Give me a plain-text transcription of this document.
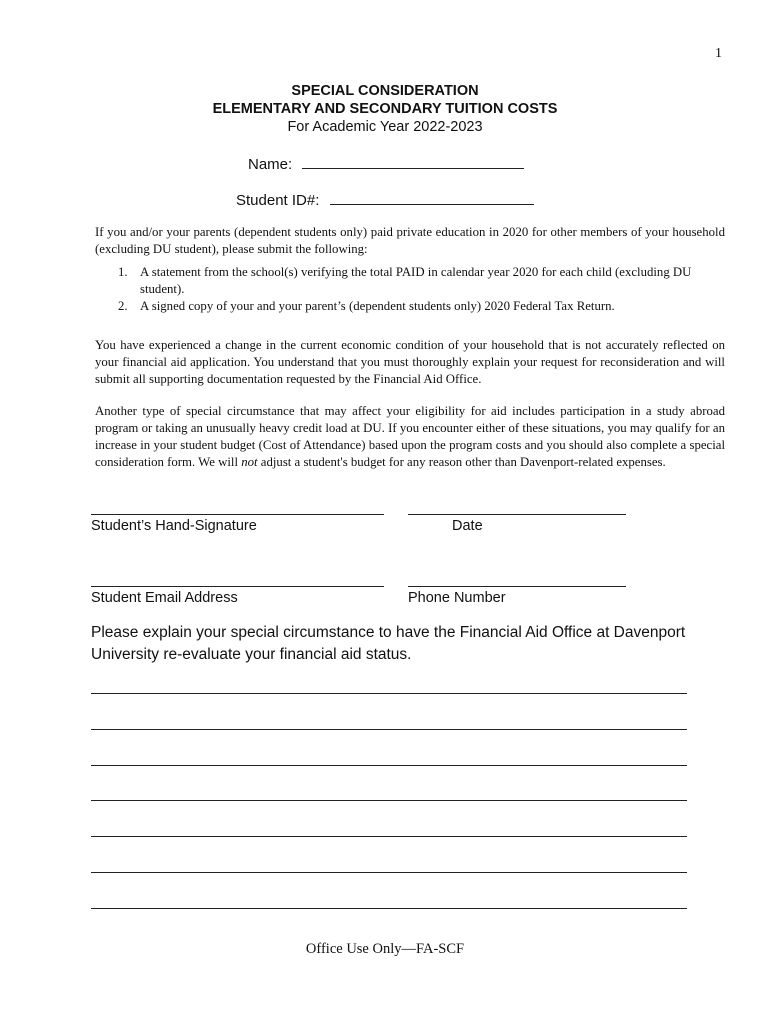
1
SPECIAL CONSIDERATION
ELEMENTARY AND SECONDARY TUITION COSTS
For Academic Year 2022-2023
Name:
Student ID#:
If you and/or your parents (dependent students only) paid private education in 2020 for other members of your household (excluding DU student), please submit the following:
1. A statement from the school(s) verifying the total PAID in calendar year 2020 for each child (excluding DU student).
2. A signed copy of your and your parent’s (dependent students only) 2020 Federal Tax Return.
You have experienced a change in the current economic condition of your household that is not accurately reflected on your financial aid application. You understand that you must thoroughly explain your request for reconsideration and will submit all supporting documentation requested by the Financial Aid Office.
Another type of special circumstance that may affect your eligibility for aid includes participation in a study abroad program or taking an unusually heavy credit load at DU. If you encounter either of these situations, you may qualify for an increase in your student budget (Cost of Attendance) based upon the program costs and you should also complete a special consideration form. We will not adjust a student's budget for any reason other than Davenport-related expenses.
Student’s Hand-Signature	Date
Student Email Address	Phone Number
Please explain your special circumstance to have the Financial Aid Office at Davenport University re-evaluate your financial aid status.
Office Use Only—FA-SCF
